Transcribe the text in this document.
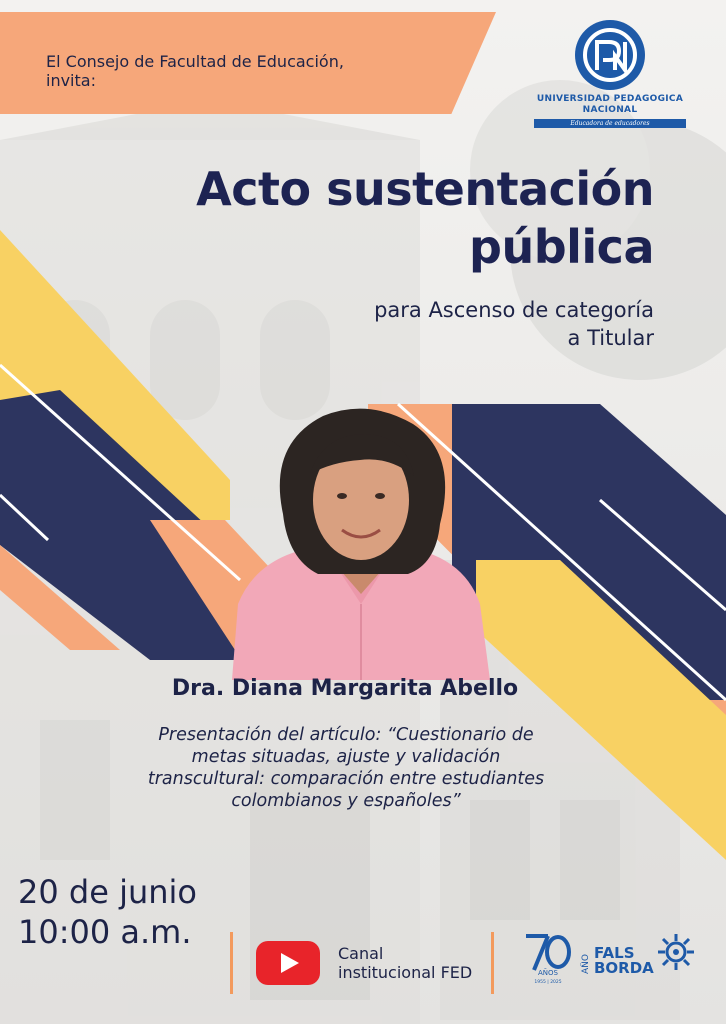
El Consejo de Facultad de Educación,
invita:
UNIVERSIDAD PEDAGOGICA
NACIONAL
Educadora de educadores
Acto sustentación
pública
para Ascenso de categoría
a Titular
Dra. Diana Margarita Abello
Presentación del artículo: “Cuestionario de
metas situadas, ajuste y validación
transcultural: comparación entre estudiantes
colombianos y españoles”
20 de junio
10:00 a.m.
Canal
institucional FED	AÑOS
1955 | 2025
AÑO
FALS
BORDA
